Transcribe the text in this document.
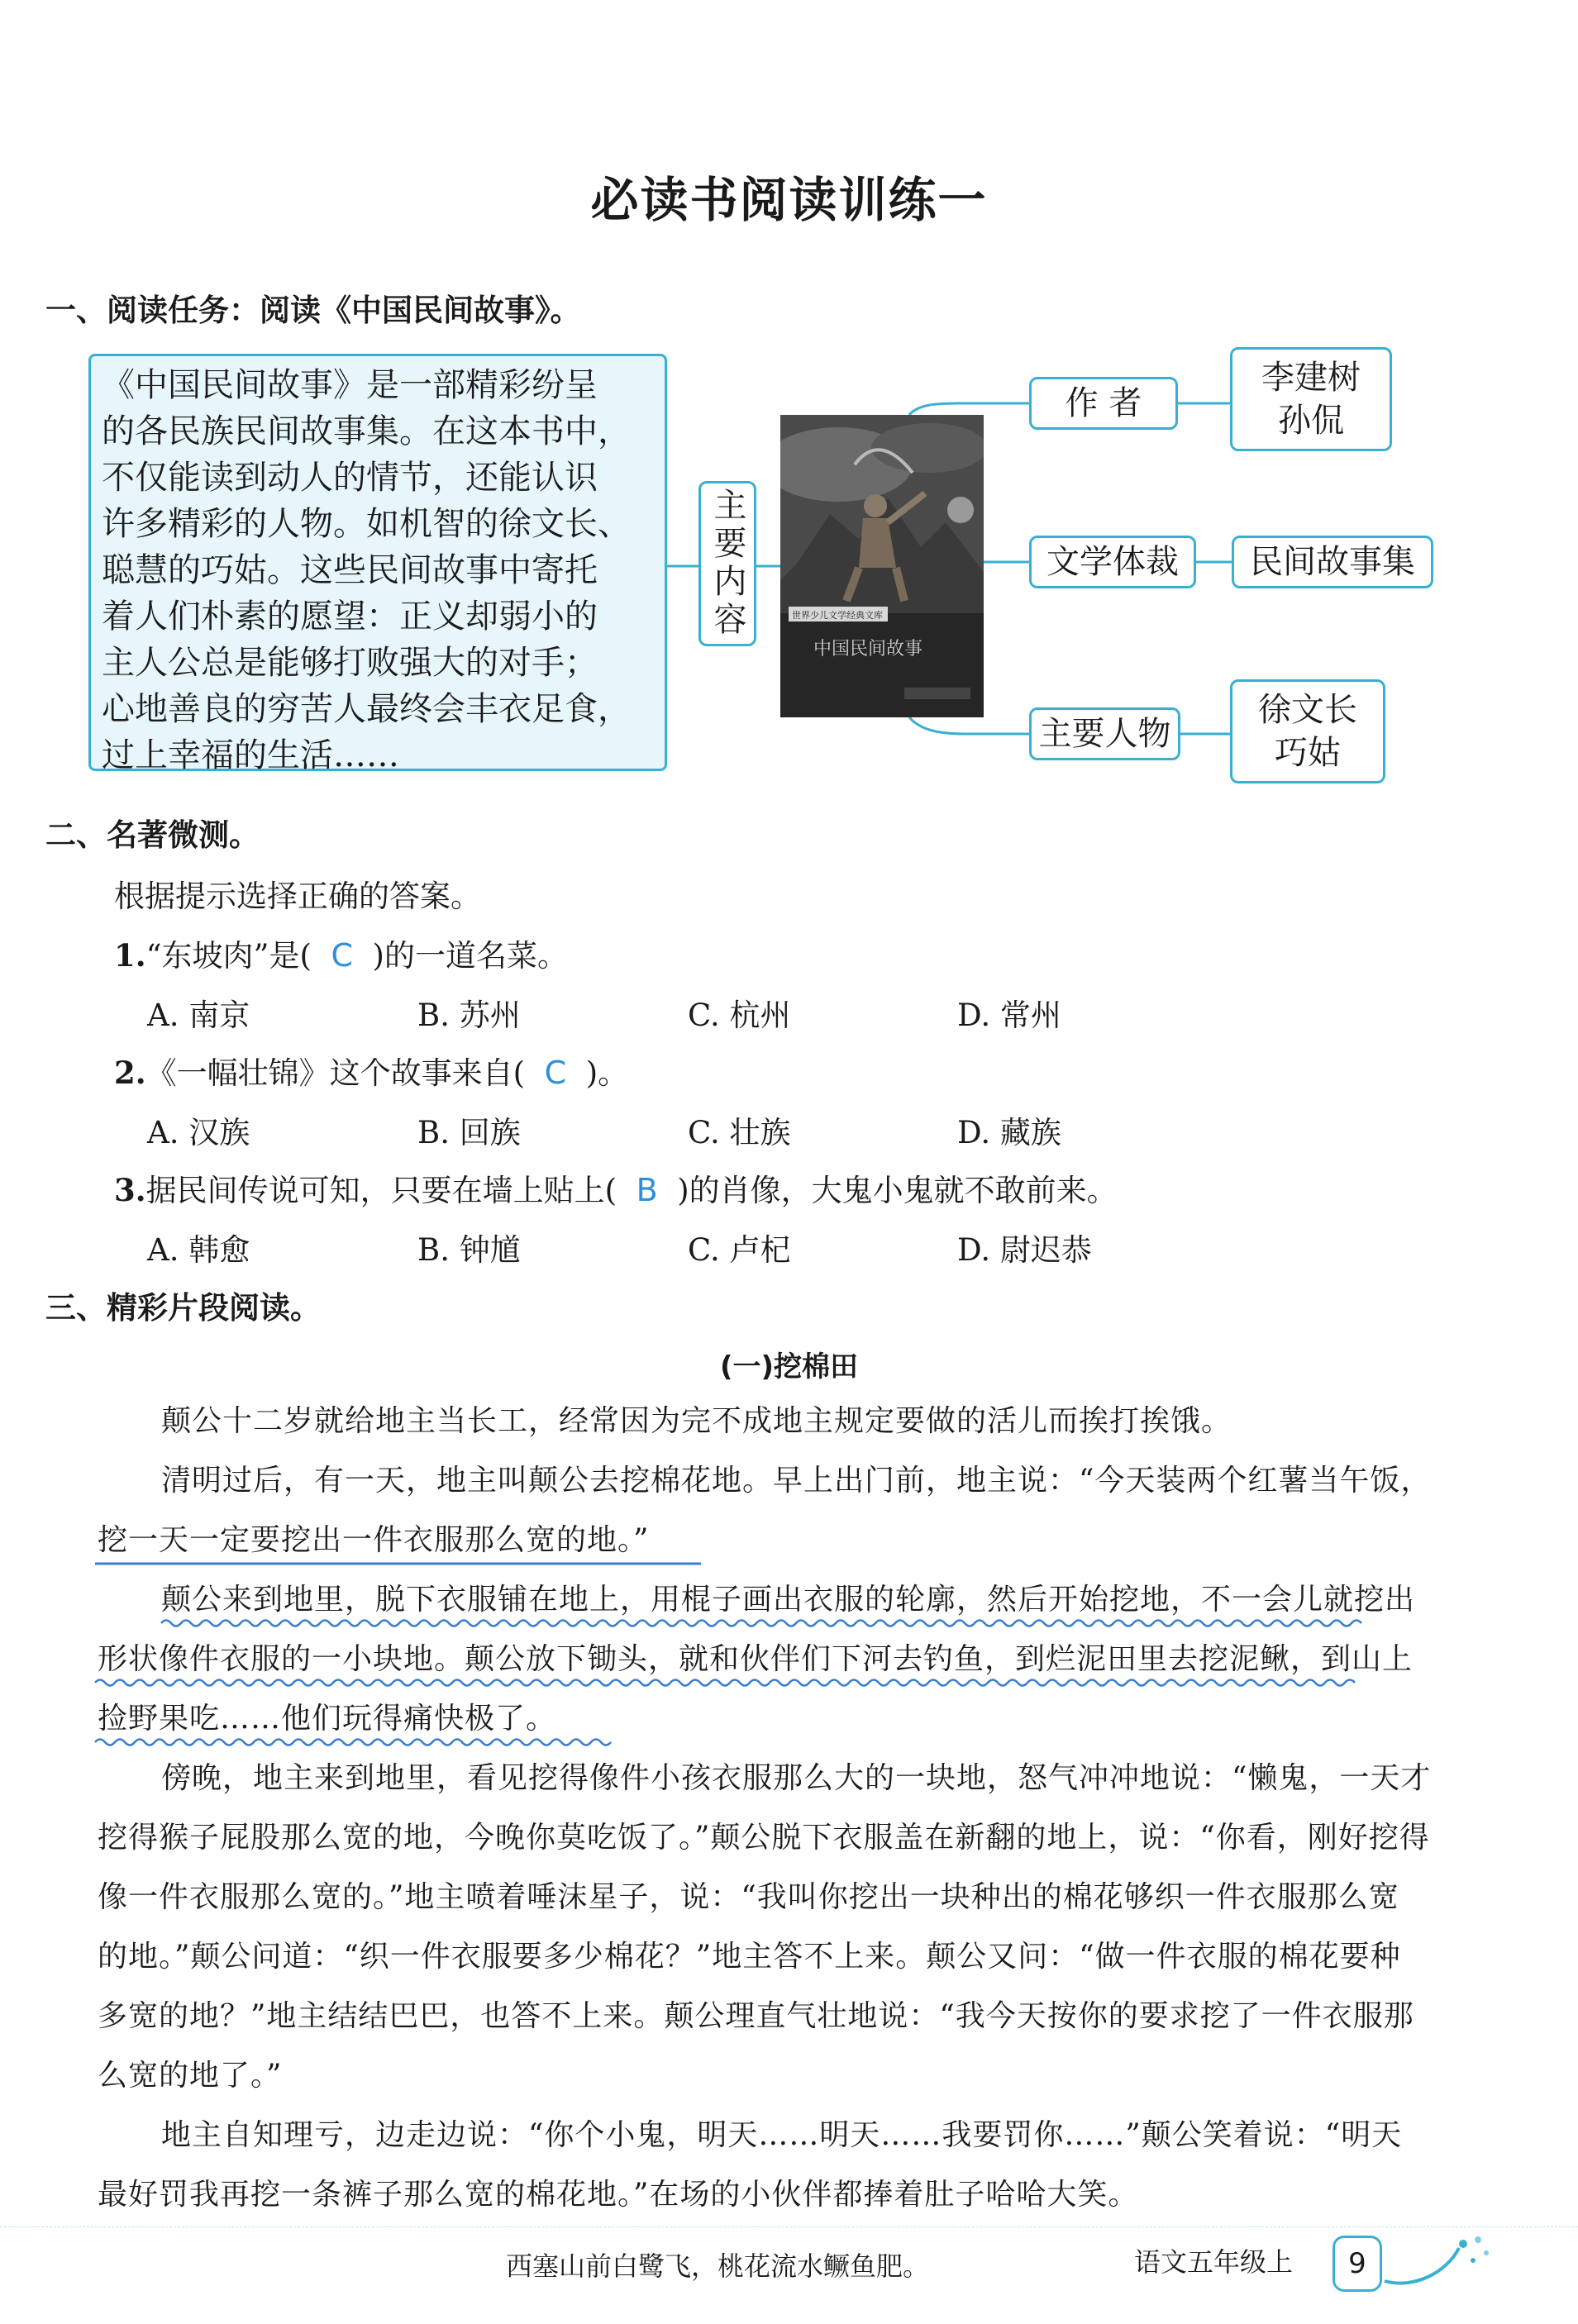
必读书阅读训练一
一、阅读任务：阅读《中国民间故事》。
《中国民间故事》是一部精彩纷呈
的各民族民间故事集。在这本书中，
不仅能读到动人的情节，还能认识
许多精彩的人物。如机智的徐文长、
聪慧的巧姑。这些民间故事中寄托
着人们朴素的愿望：正义却弱小的
主人公总是能够打败强大的对手；
心地善良的穷苦人最终会丰衣足食，
过上幸福的生活……
主要内容	世界少儿文学经典文库
中国民间故事
作 者
李建树
孙侃
文学体裁	民间故事集
主要人物
徐文长
巧姑
二、名著微测。
根据提示选择正确的答案。
1.“东坡肉”是( C )的一道名菜。
A. 南京	B. 苏州	C. 杭州	D. 常州
2.《一幅壮锦》这个故事来自( C )。
A. 汉族	B. 回族	C. 壮族	D. 藏族
3.据民间传说可知，只要在墙上贴上( B )的肖像，大鬼小鬼就不敢前来。
A. 韩愈	B. 钟馗	C. 卢杞	D. 尉迟恭
三、精彩片段阅读。
(一)挖棉田
颠公十二岁就给地主当长工，经常因为完不成地主规定要做的活儿而挨打挨饿。
清明过后，有一天，地主叫颠公去挖棉花地。早上出门前，地主说：“今天装两个红薯当午饭，
挖一天一定要挖出一件衣服那么宽的地。”
颠公来到地里，脱下衣服铺在地上，用棍子画出衣服的轮廓，然后开始挖地，不一会儿就挖出
形状像件衣服的一小块地。颠公放下锄头，就和伙伴们下河去钓鱼，到烂泥田里去挖泥鳅，到山上
捡野果吃……他们玩得痛快极了。
傍晚，地主来到地里，看见挖得像件小孩衣服那么大的一块地，怒气冲冲地说：“懒鬼，一天才
挖得猴子屁股那么宽的地，今晚你莫吃饭了。”颠公脱下衣服盖在新翻的地上，说：“你看，刚好挖得
像一件衣服那么宽的。”地主喷着唾沫星子，说：“我叫你挖出一块种出的棉花够织一件衣服那么宽
的地。”颠公问道：“织一件衣服要多少棉花？”地主答不上来。颠公又问：“做一件衣服的棉花要种
多宽的地？”地主结结巴巴，也答不上来。颠公理直气壮地说：“我今天按你的要求挖了一件衣服那
么宽的地了。”
地主自知理亏，边走边说：“你个小鬼，明天……明天……我要罚你……”颠公笑着说：“明天
最好罚我再挖一条裤子那么宽的棉花地。”在场的小伙伴都捧着肚子哈哈大笑。
西塞山前白鹭飞，桃花流水鳜鱼肥。	语文五年级上	9
